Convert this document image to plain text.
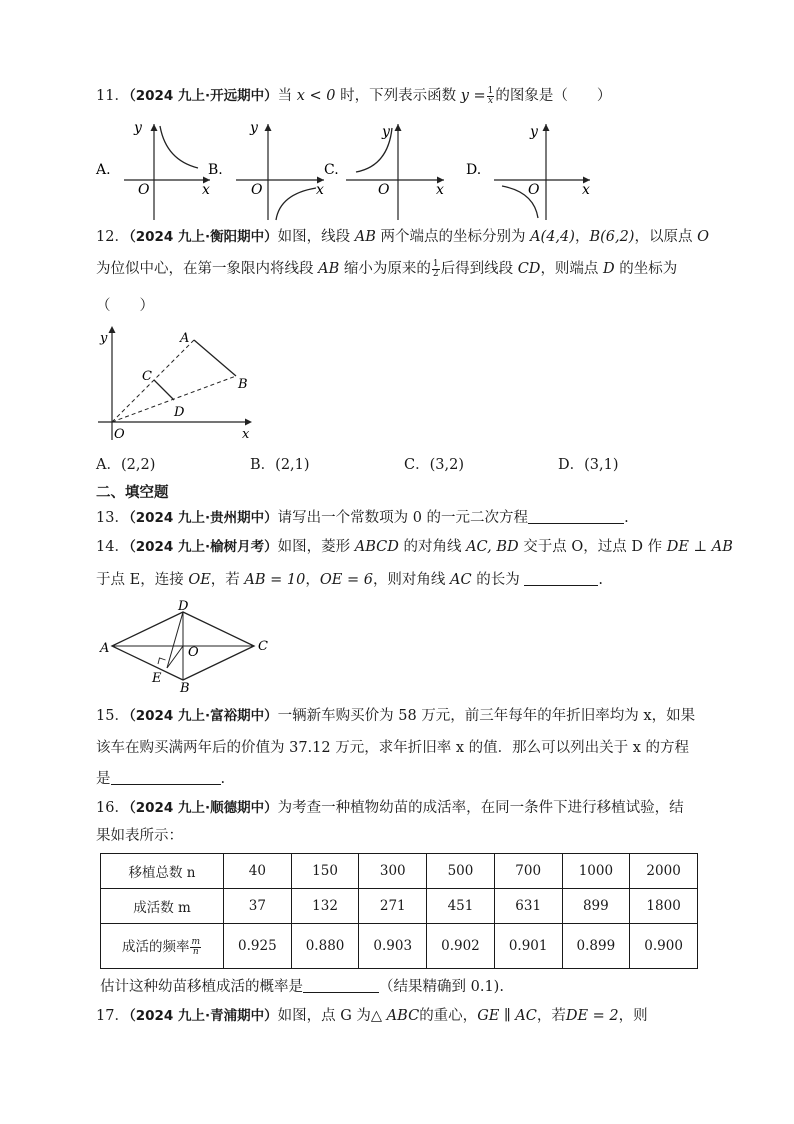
11．（2024 九上·开远期中）当 x < 0 时，下列表示函数 $y = \frac{1}{x}$ 的图象是（　　）
A.
y
x
O
B.
y
x
O
C.
y
x
O
D.
y
x
O
12．（2024 九上·衡阳期中）如图，线段 AB 两个端点的坐标分别为 A(4,4)，B(6,2)，以原点 O
为位似中心，在第一象限内将线段 AB 缩小为原来的 $\frac{1}{2}$ 后得到线段 CD，则端点 D 的坐标为
（　　）
y
x
O
A
B
C
D
A．(2,2)	B．(2,1)	C．(3,2)	D．(3,1)
二、填空题
13．（2024 九上·贵州期中）请写出一个常数项为 0 的一元二次方程	.
14．（2024 九上·榆树月考）如图，菱形 ABCD 的对角线 AC, BD 交于点 O，过点 D 作 DE ⊥ AB
于点 E，连接 OE，若 AB = 10，OE = 6，则对角线 AC 的长为	.
A
D
C
B
E
O
15．（2024 九上·富裕期中）一辆新车购买价为 58 万元，前三年每年的年折旧率均为 x，如果
该车在购买满两年后的价值为 37.12 万元，求年折旧率 x 的值．那么可以列出关于 x 的方程
是	.
16．（2024 九上·顺德期中）为考查一种植物幼苗的成活率，在同一条件下进行移植试验，结
果如表所示：
移植总数 n	40	150	300	500	700	1000	2000
成活数 m	37	132	271	451	631	899	1800
成活的频率 $\frac{m}{n}$	0.925	0.880	0.903	0.902	0.901	0.899	0.900
估计这种幼苗移植成活的概率是	（结果精确到 0.1).
17．（2024 九上·青浦期中）如图，点 G 为△ ABC的重心，GE ∥ AC，若DE = 2，则
